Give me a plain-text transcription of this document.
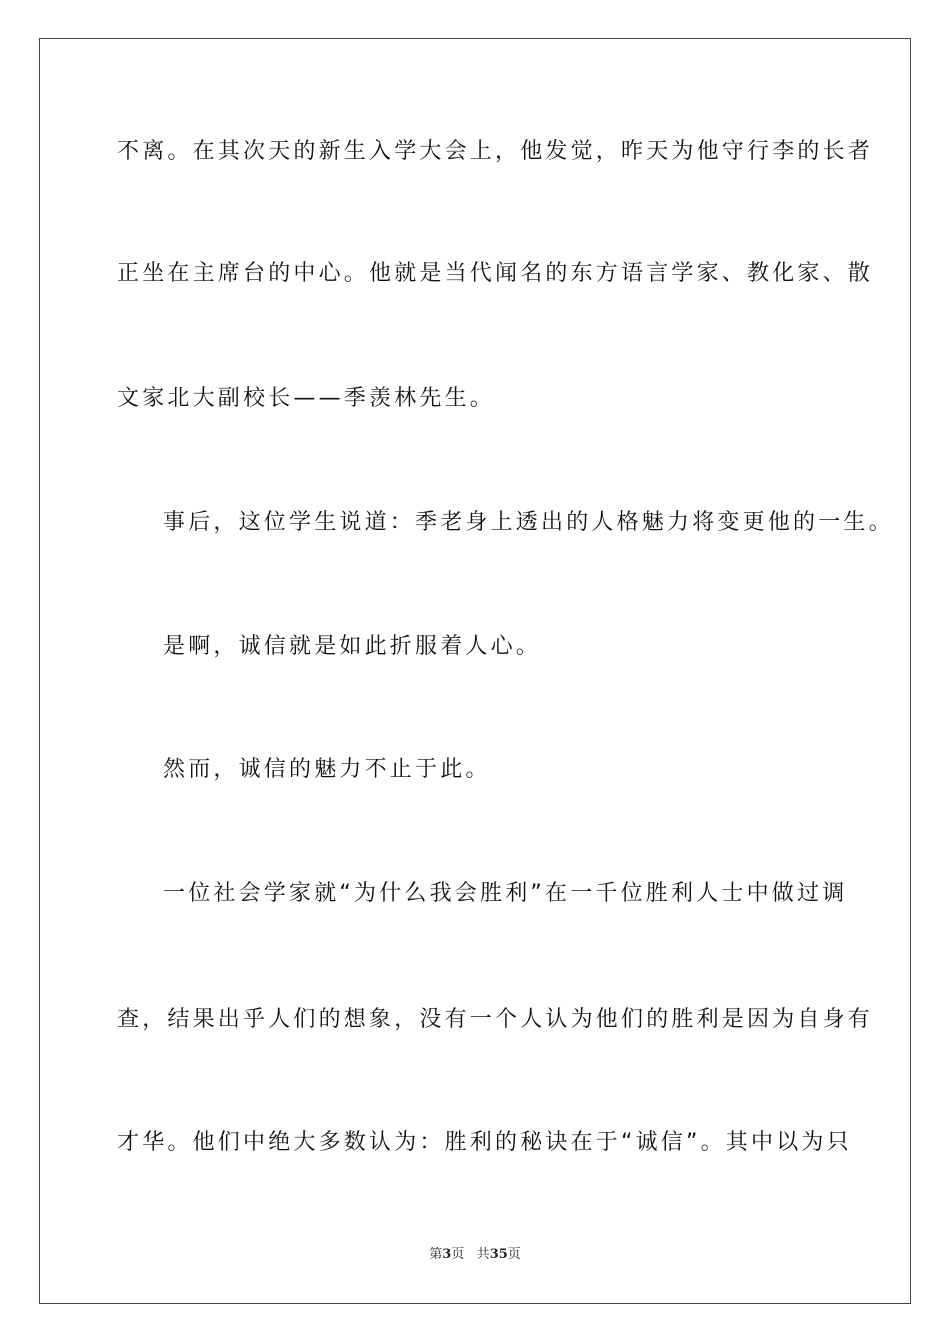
不离。在其次天的新生入学大会上，他发觉，昨天为他守行李的长者
正坐在主席台的中心。他就是当代闻名的东方语言学家、教化家、散
文家北大副校长——季羡林先生。
事后，这位学生说道：季老身上透出的人格魅力将变更他的一生。
是啊，诚信就是如此折服着人心。
然而，诚信的魅力不止于此。
一位社会学家就“为什么我会胜利”在一千位胜利人士中做过调
查，结果出乎人们的想象，没有一个人认为他们的胜利是因为自身有
才华。他们中绝大多数认为：胜利的秘诀在于“诚信”。其中以为只
第3页 共35页
